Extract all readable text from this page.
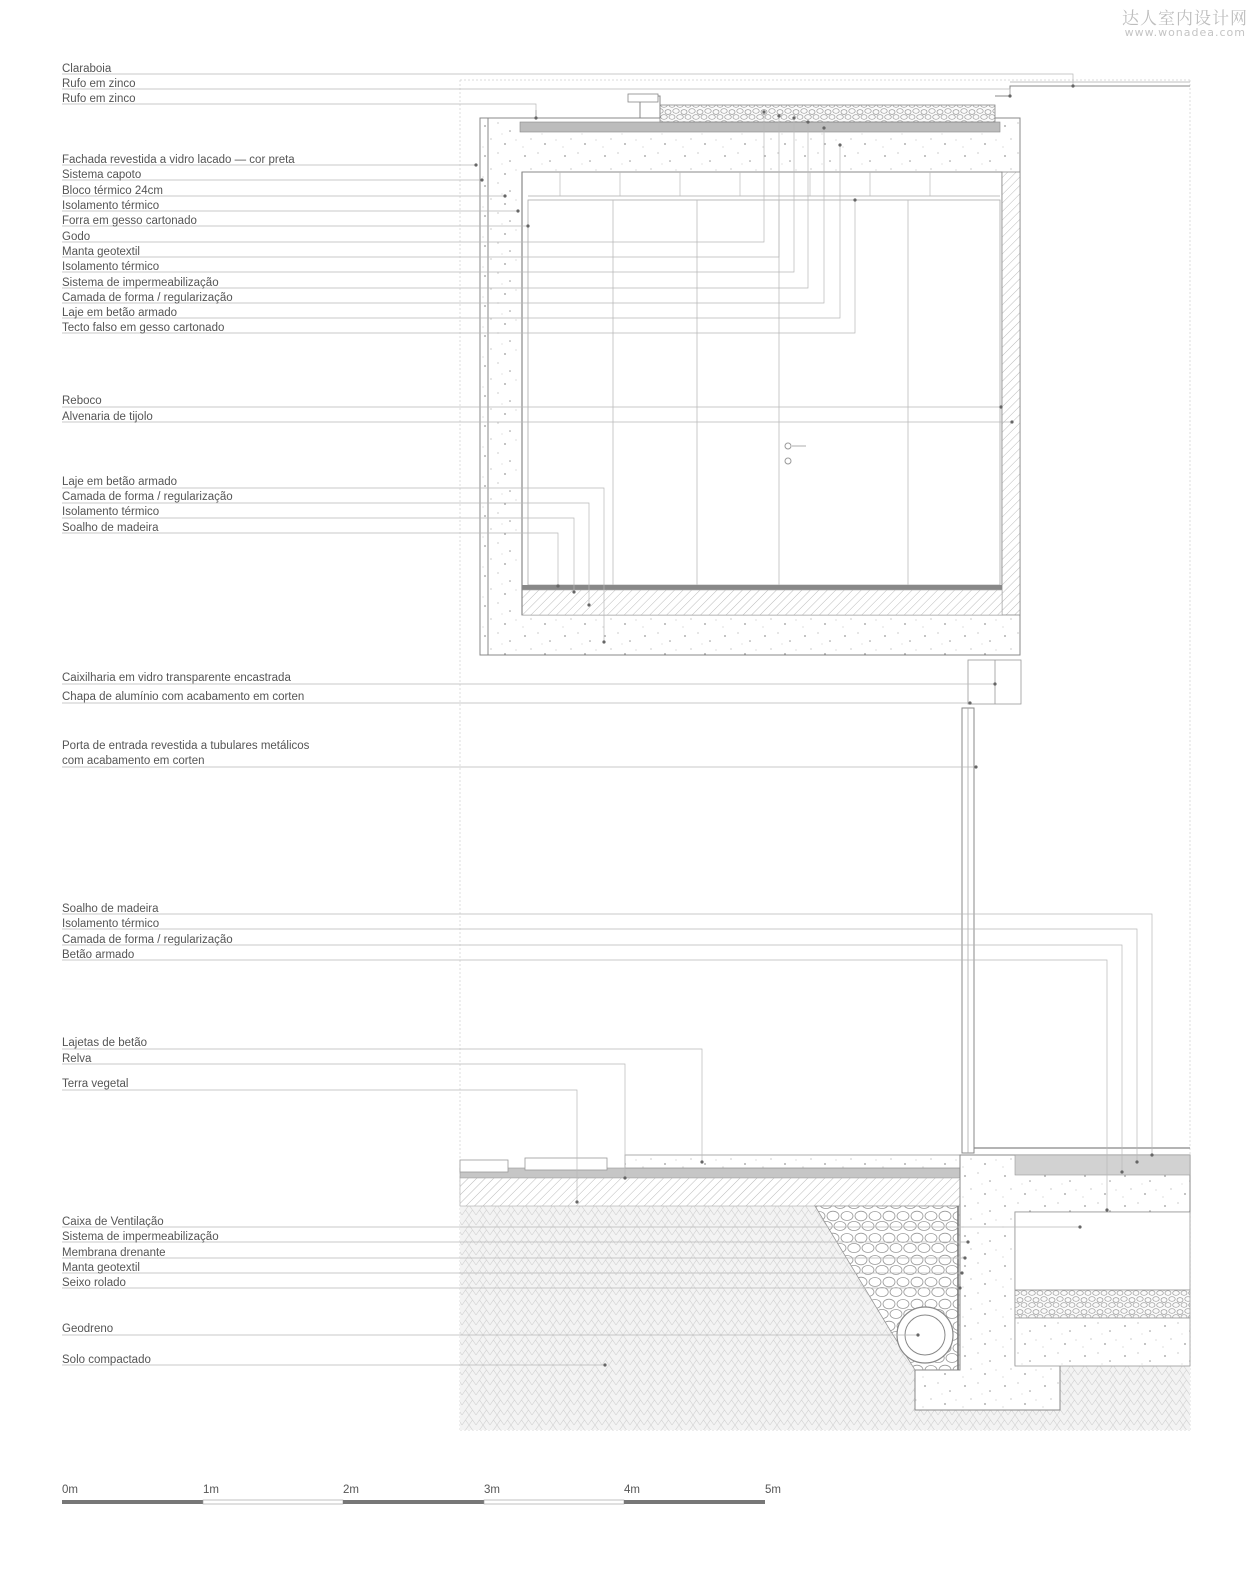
达人室内设计网
www.wonadea.com
Claraboia
Rufo em zinco
Rufo em zinco
Fachada revestida a vidro lacado — cor preta
Sistema capoto
Bloco térmico 24cm
Isolamento térmico
Forra em gesso cartonado
Godo
Manta geotextil
Isolamento térmico
Sistema de impermeabilização
Camada de forma / regularização
Laje em betão armado
Tecto falso em gesso cartonado
Reboco
Alvenaria de tijolo
Laje em betão armado
Camada de forma / regularização
Isolamento térmico
Soalho de madeira
Caixilharia em vidro transparente encastrada
Chapa de alumínio com acabamento em corten
Porta de entrada revestida a tubulares metálicos
com acabamento em corten
Soalho de madeira
Isolamento térmico
Camada de forma / regularização
Betão armado
Lajetas de betão
Relva
Terra vegetal
Caixa de Ventilação
Sistema de impermeabilização
Membrana drenante
Manta geotextil
Seixo rolado
Geodreno
Solo compactado
0m	1m	2m	3m	4m	5m
